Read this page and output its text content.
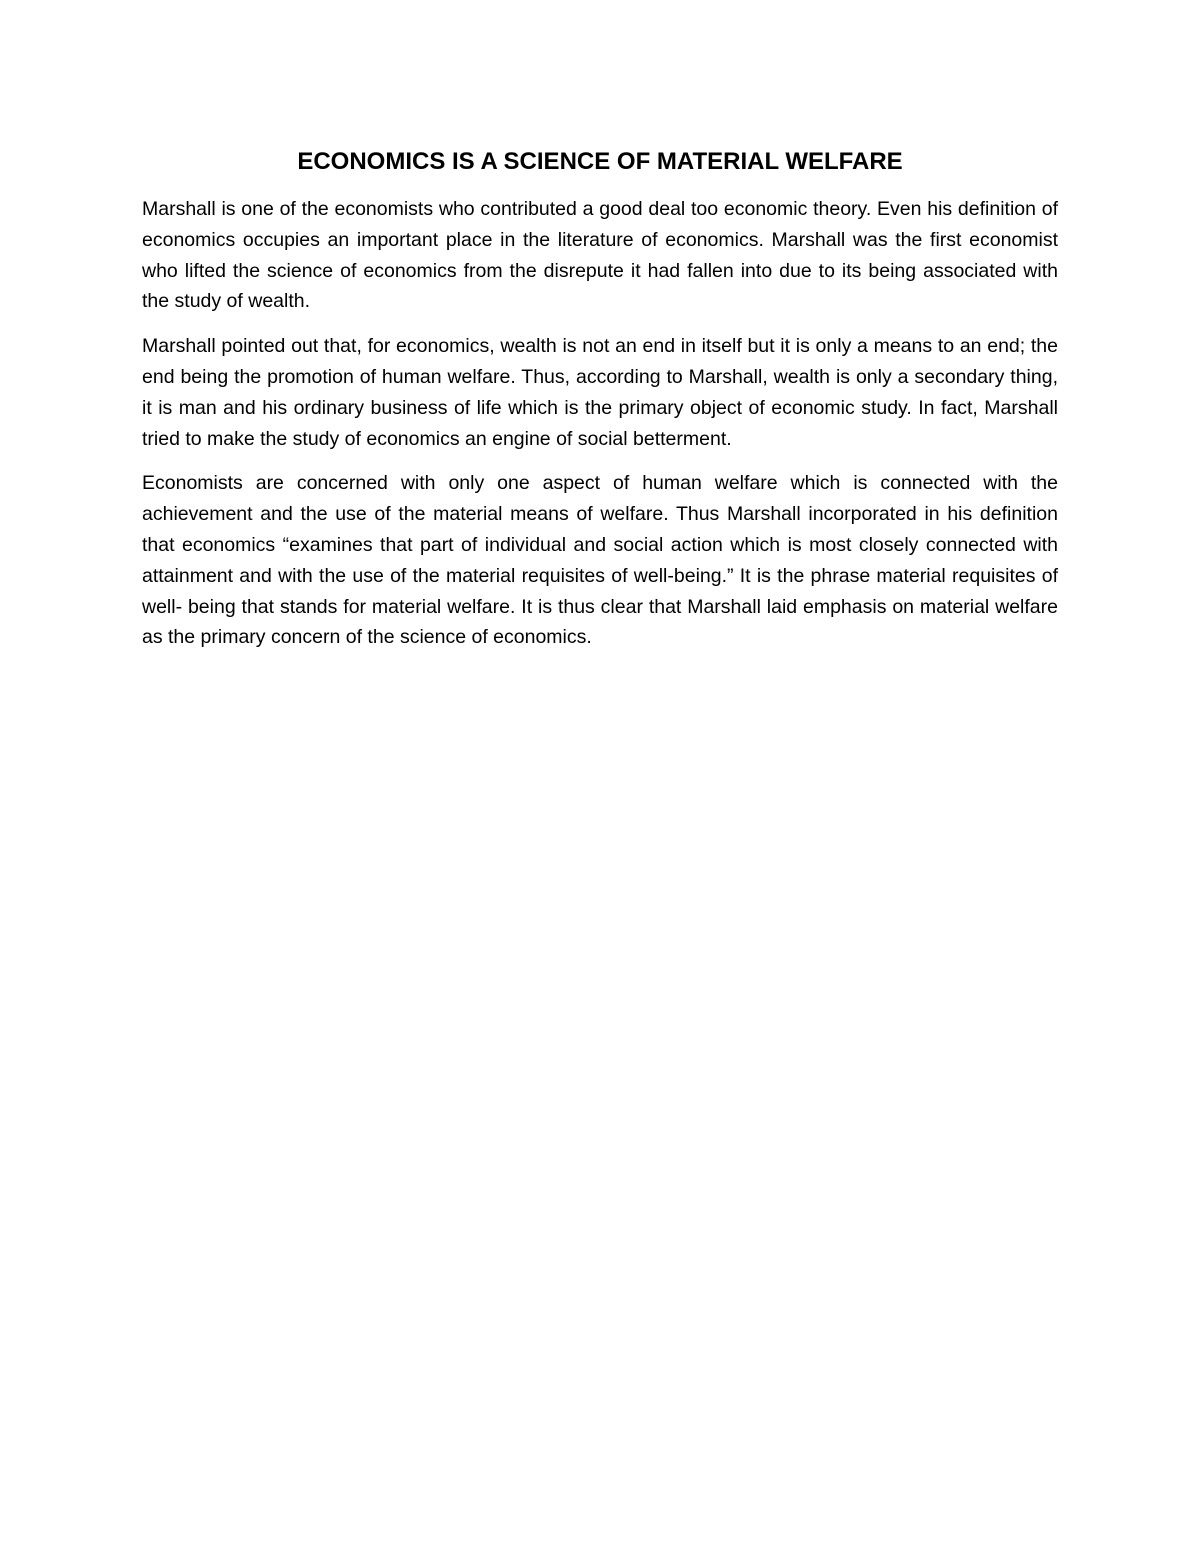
ECONOMICS IS A SCIENCE OF MATERIAL WELFARE

Marshall is one of the economists who contributed a good deal too economic theory. Even his definition of economics occupies an important place in the literature of economics. Marshall was the first economist who lifted the science of economics from the disrepute it had fallen into due to its being associated with the study of wealth.

Marshall pointed out that, for economics, wealth is not an end in itself but it is only a means to an end; the end being the promotion of human welfare. Thus, according to Marshall, wealth is only a secondary thing, it is man and his ordinary business of life which is the primary object of economic study. In fact, Marshall tried to make the study of economics an engine of social betterment.

Economists are concerned with only one aspect of human welfare which is connected with the achievement and the use of the material means of welfare. Thus Marshall incorporated in his definition that economics “examines that part of individual and social action which is most closely connected with attainment and with the use of the material requisites of well-being.” It is the phrase material requisites of well- being that stands for material welfare. It is thus clear that Marshall laid emphasis on material welfare as the primary concern of the science of economics.
